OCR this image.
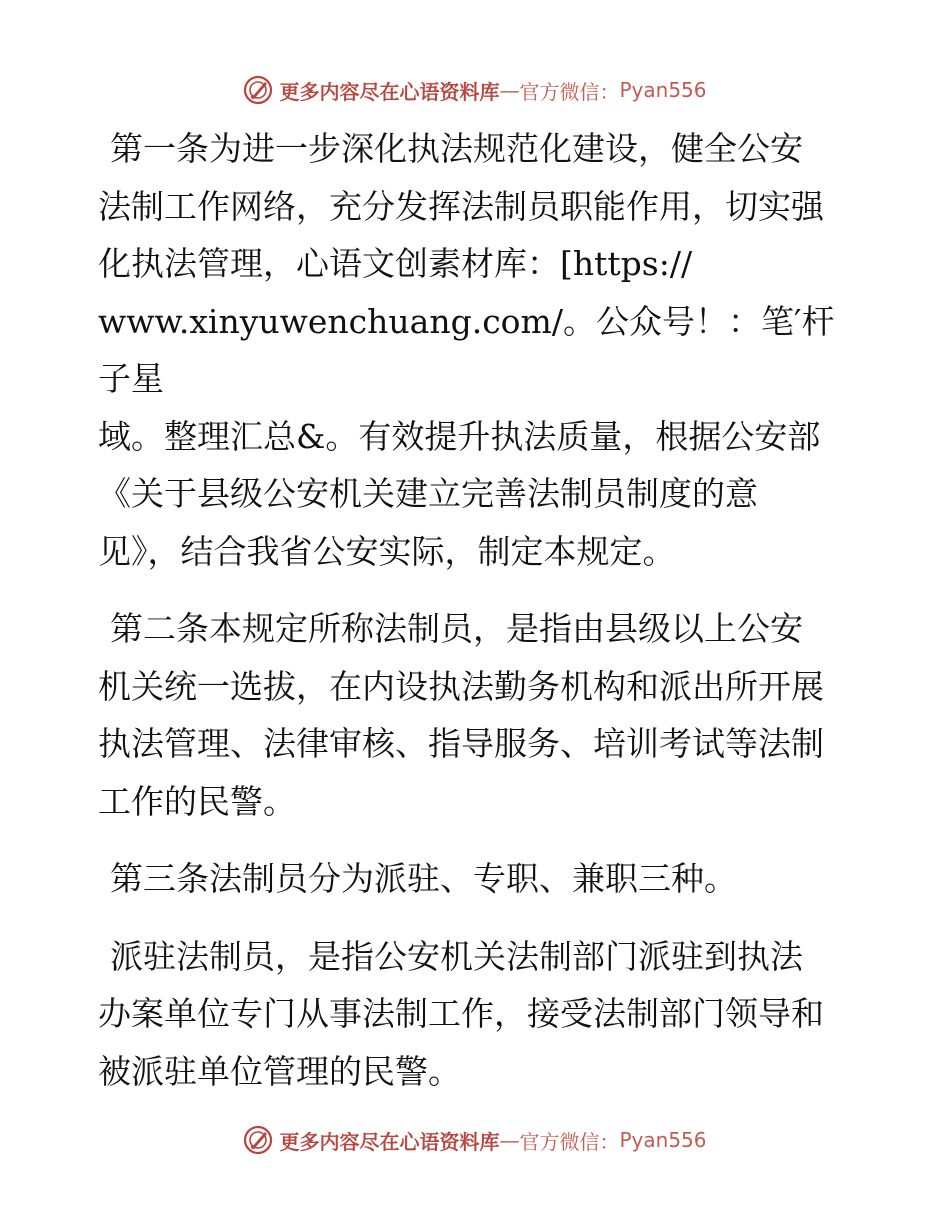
更多内容尽在心语资料库 — 官方微信： Pyan556

第一条为进一步深化执法规范化建设，健全公安
法制工作网络，充分发挥法制员职能作用，切实强
化执法管理，心语文创素材库：[https://
www.xinyuwenchuang.com/。公众号！：笔′杆子星
域。整理汇总&。有效提升执法质量，根据公安部
《关于县级公安机关建立完善法制员制度的意
见》，结合我省公安实际，制定本规定。

第二条本规定所称法制员，是指由县级以上公安
机关统一选拔，在内设执法勤务机构和派出所开展
执法管理、法律审核、指导服务、培训考试等法制
工作的民警。

第三条法制员分为派驻、专职、兼职三种。

派驻法制员，是指公安机关法制部门派驻到执法
办案单位专门从事法制工作，接受法制部门领导和
被派驻单位管理的民警。

更多内容尽在心语资料库 — 官方微信： Pyan556
